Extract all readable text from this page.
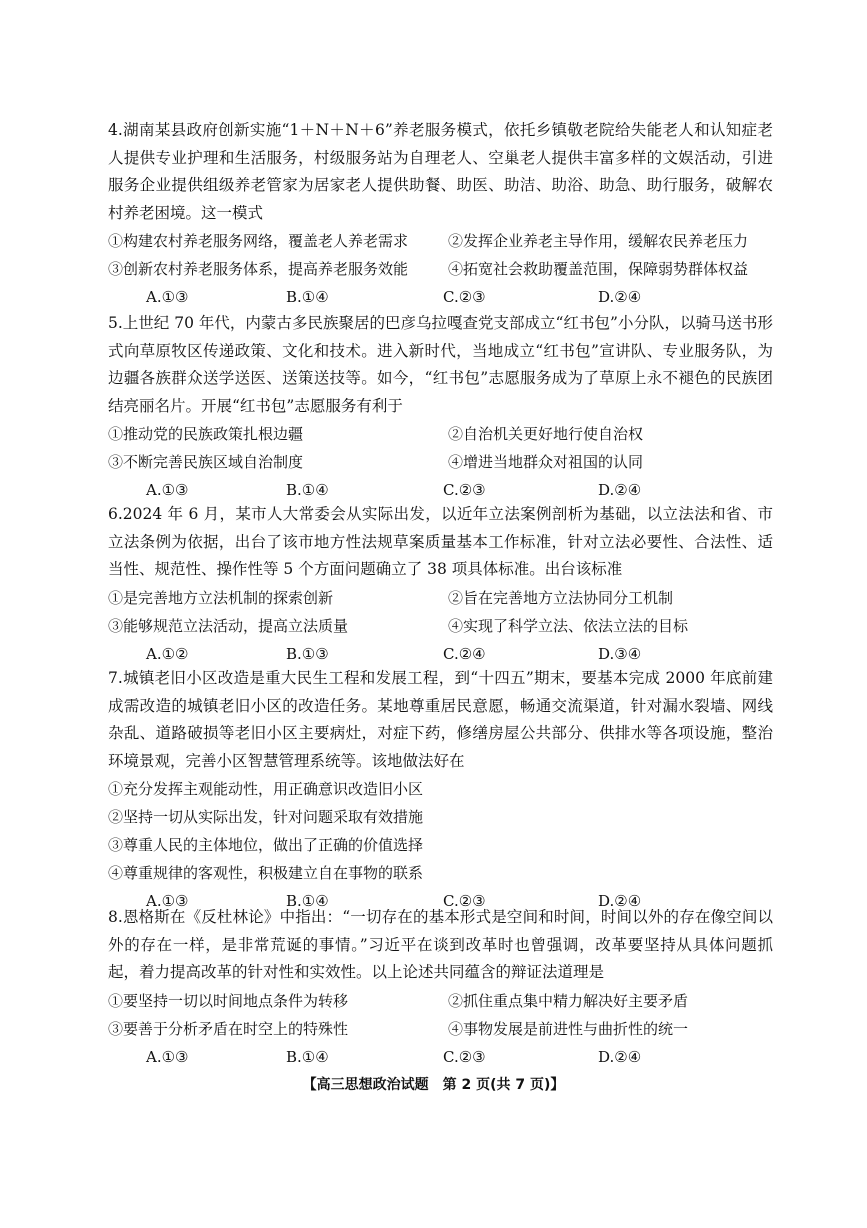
4.湖南某县政府创新实施“1＋N＋N＋6”养老服务模式，依托乡镇敬老院给失能老人和认知症老人提供专业护理和生活服务，村级服务站为自理老人、空巢老人提供丰富多样的文娱活动，引进服务企业提供组级养老管家为居家老人提供助餐、助医、助洁、助浴、助急、助行服务，破解农村养老困境。这一模式
①构建农村养老服务网络，覆盖老人养老需求	②发挥企业养老主导作用，缓解农民养老压力
③创新农村养老服务体系，提高养老服务效能	④拓宽社会救助覆盖范围，保障弱势群体权益
A.①③	B.①④	C.②③	D.②④
5.上世纪 70 年代，内蒙古多民族聚居的巴彦乌拉嘎查党支部成立“红书包”小分队，以骑马送书形式向草原牧区传递政策、文化和技术。进入新时代，当地成立“红书包”宣讲队、专业服务队，为边疆各族群众送学送医、送策送技等。如今，“红书包”志愿服务成为了草原上永不褪色的民族团结亮丽名片。开展“红书包”志愿服务有利于
①推动党的民族政策扎根边疆	②自治机关更好地行使自治权
③不断完善民族区域自治制度	④增进当地群众对祖国的认同
A.①③	B.①④	C.②③	D.②④
6.2024 年 6 月，某市人大常委会从实际出发，以近年立法案例剖析为基础，以立法法和省、市立法条例为依据，出台了该市地方性法规草案质量基本工作标准，针对立法必要性、合法性、适当性、规范性、操作性等 5 个方面问题确立了 38 项具体标准。出台该标准
①是完善地方立法机制的探索创新	②旨在完善地方立法协同分工机制
③能够规范立法活动，提高立法质量	④实现了科学立法、依法立法的目标
A.①②	B.①③	C.②④	D.③④
7.城镇老旧小区改造是重大民生工程和发展工程，到“十四五”期末，要基本完成 2000 年底前建成需改造的城镇老旧小区的改造任务。某地尊重居民意愿，畅通交流渠道，针对漏水裂墙、网线杂乱、道路破损等老旧小区主要病灶，对症下药，修缮房屋公共部分、供排水等各项设施，整治环境景观，完善小区智慧管理系统等。该地做法好在
①充分发挥主观能动性，用正确意识改造旧小区
②坚持一切从实际出发，针对问题采取有效措施
③尊重人民的主体地位，做出了正确的价值选择
④尊重规律的客观性，积极建立自在事物的联系
A.①③	B.①④	C.②③	D.②④
8.恩格斯在《反杜林论》中指出：“一切存在的基本形式是空间和时间，时间以外的存在像空间以外的存在一样，是非常荒诞的事情。”习近平在谈到改革时也曾强调，改革要坚持从具体问题抓起，着力提高改革的针对性和实效性。以上论述共同蕴含的辩证法道理是
①要坚持一切以时间地点条件为转移	②抓住重点集中精力解决好主要矛盾
③要善于分析矛盾在时空上的特殊性	④事物发展是前进性与曲折性的统一
A.①③	B.①④	C.②③	D.②④
【高三思想政治试题　第 2 页(共 7 页)】
